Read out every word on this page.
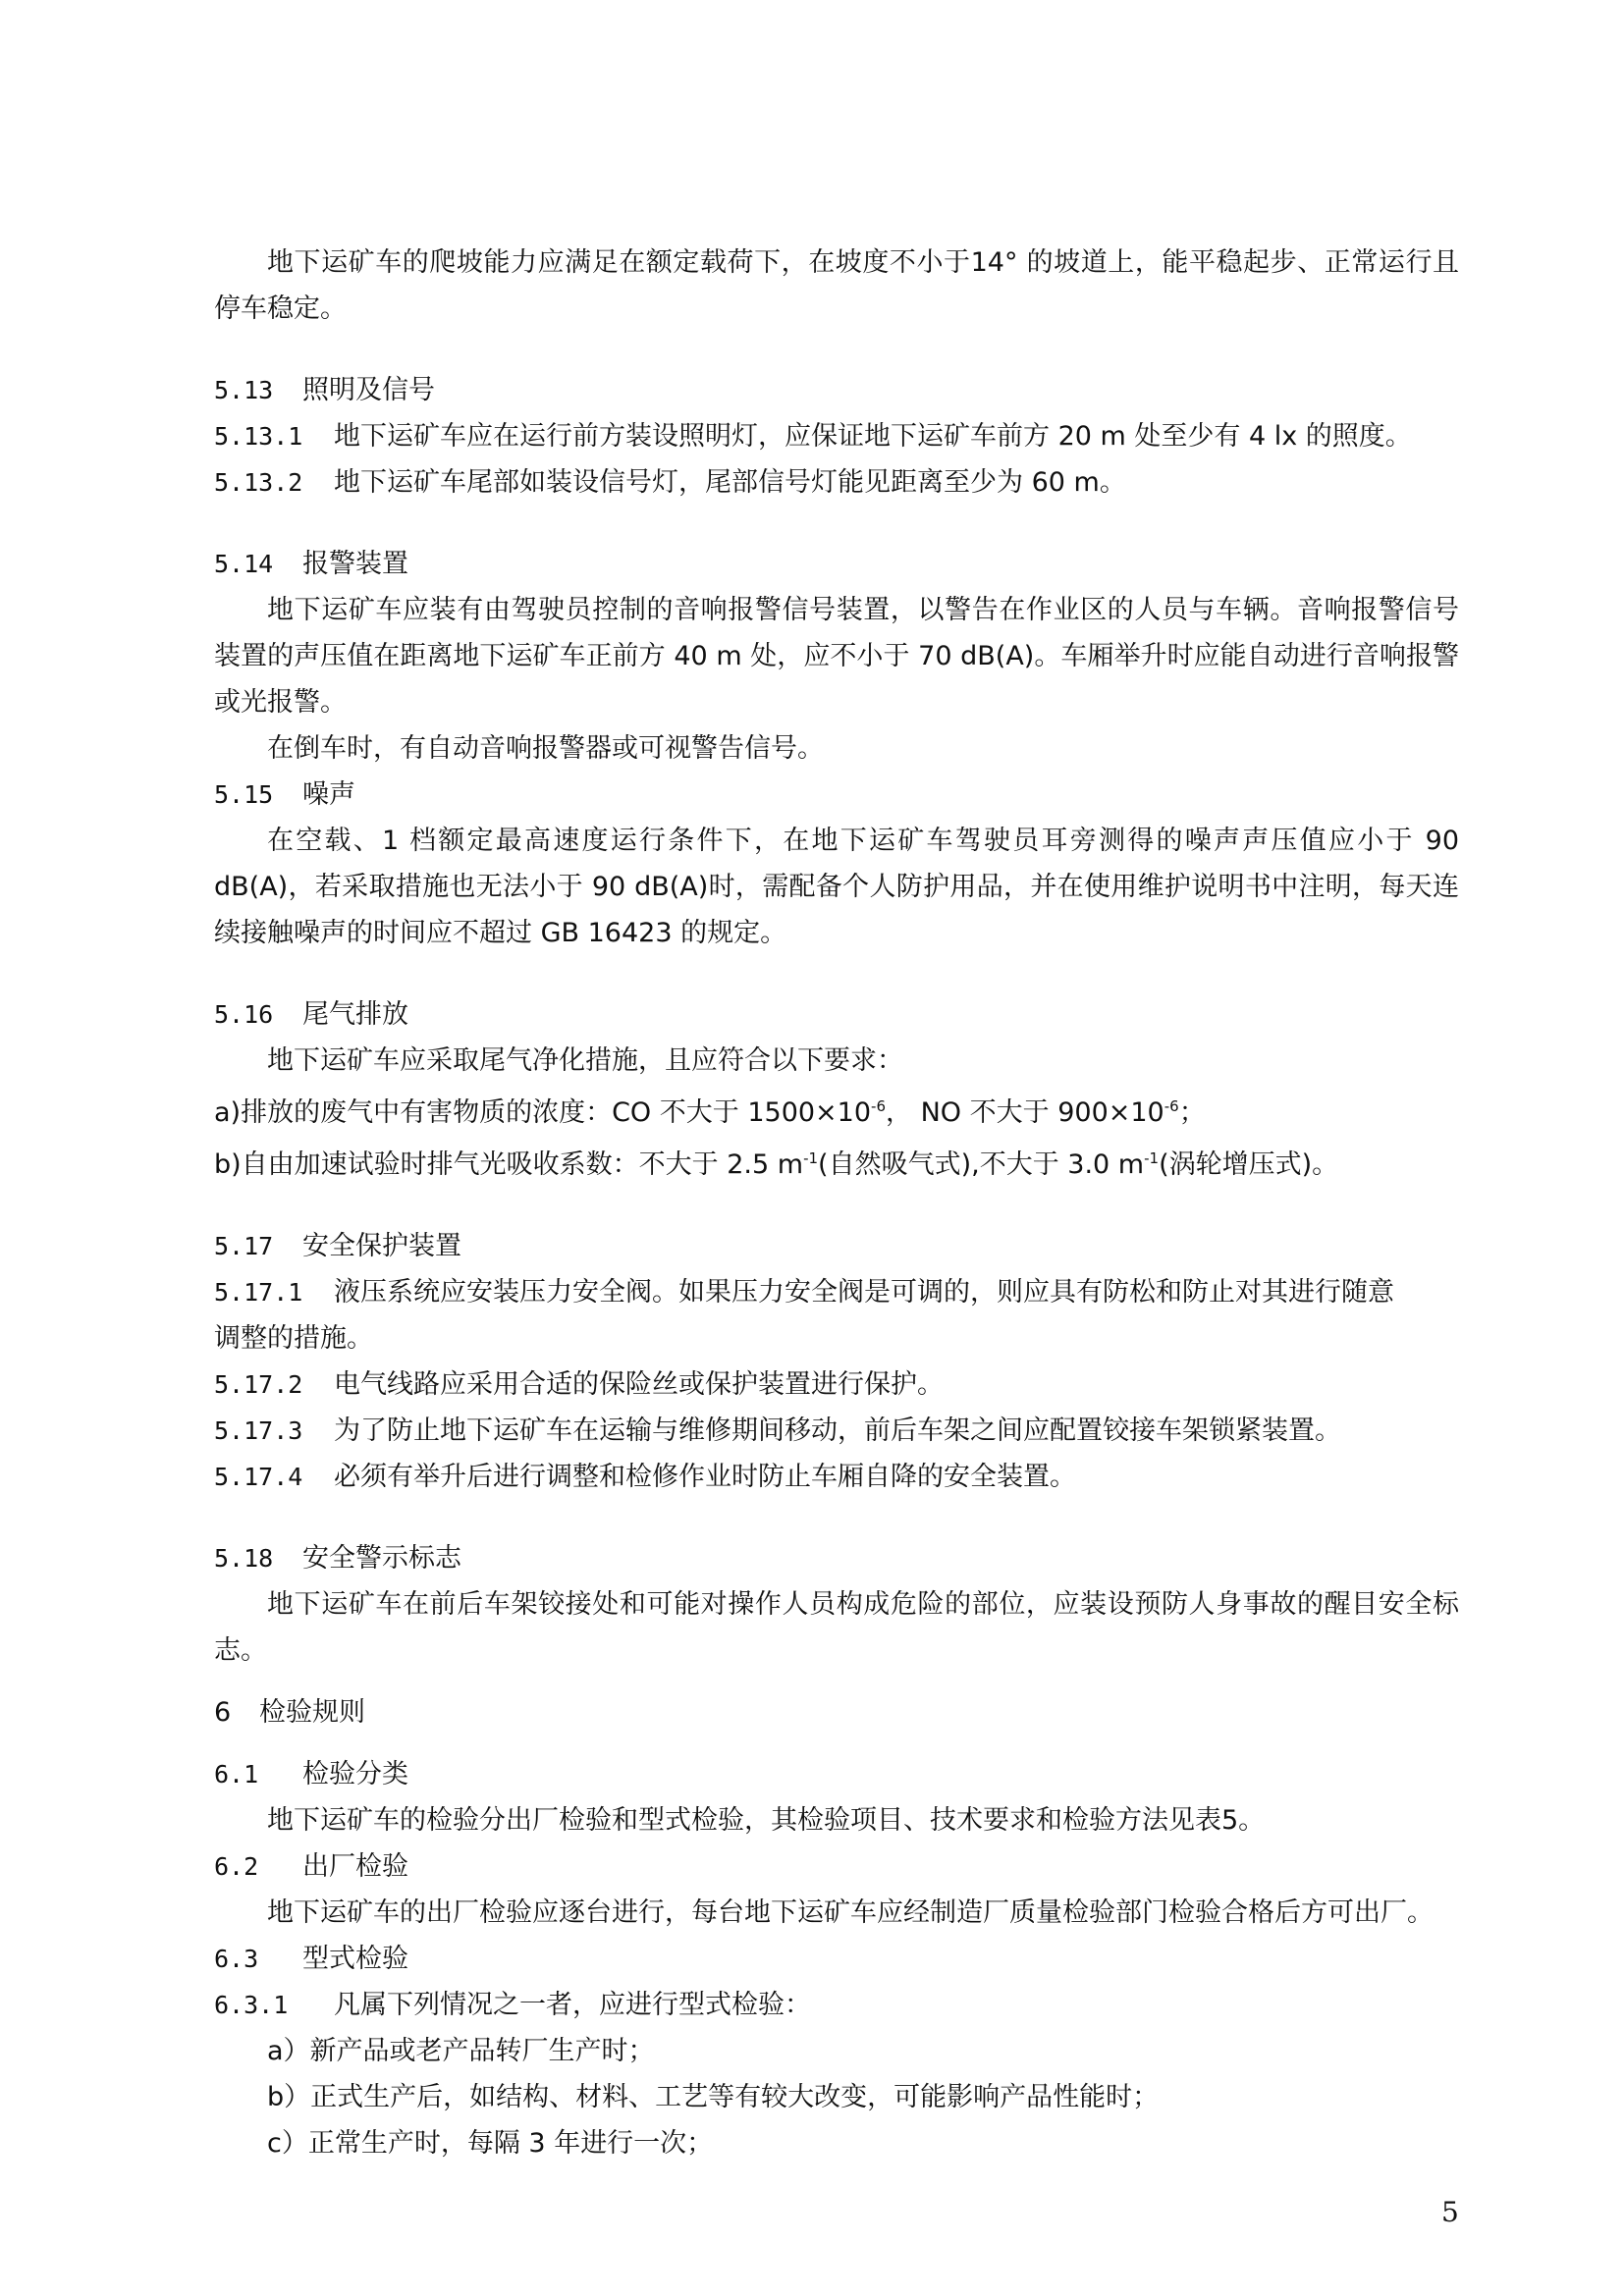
地下运矿车的爬坡能力应满足在额定载荷下，在坡度不小于14° 的坡道上，能平稳起步、正常运行且停车稳定。

5.13 照明及信号

5.13.1 地下运矿车应在运行前方装设照明灯，应保证地下运矿车前方 20 m 处至少有 4 lx 的照度。

5.13.2 地下运矿车尾部如装设信号灯，尾部信号灯能见距离至少为 60 m。

5.14 报警装置

地下运矿车应装有由驾驶员控制的音响报警信号装置，以警告在作业区的人员与车辆。音响报警信号装置的声压值在距离地下运矿车正前方 40 m 处，应不小于 70 dB(A)。车厢举升时应能自动进行音响报警或光报警。

在倒车时，有自动音响报警器或可视警告信号。

5.15 噪声

在空载、1 档额定最高速度运行条件下，在地下运矿车驾驶员耳旁测得的噪声声压值应小于 90 dB(A)，若采取措施也无法小于 90 dB(A)时，需配备个人防护用品，并在使用维护说明书中注明，每天连续接触噪声的时间应不超过 GB 16423 的规定。

5.16 尾气排放

地下运矿车应采取尾气净化措施，且应符合以下要求：

a)排放的废气中有害物质的浓度：CO 不大于 $1500\times 10^{-6}$， NO 不大于 $900\times 10^{-6}$；

b)自由加速试验时排气光吸收系数：不大于 2.5 $m^{-1}$(自然吸气式),不大于 3.0 $m^{-1}$(涡轮增压式)。

5.17 安全保护装置

5.17.1 液压系统应安装压力安全阀。如果压力安全阀是可调的，则应具有防松和防止对其进行随意

调整的措施。

5.17.2 电气线路应采用合适的保险丝或保护装置进行保护。

5.17.3 为了防止地下运矿车在运输与维修期间移动，前后车架之间应配置铰接车架锁紧装置。

5.17.4 必须有举升后进行调整和检修作业时防止车厢自降的安全装置。

5.18 安全警示标志

地下运矿车在前后车架铰接处和可能对操作人员构成危险的部位，应装设预防人身事故的醒目安全标志。

6 检验规则

6.1 检验分类

地下运矿车的检验分出厂检验和型式检验，其检验项目、技术要求和检验方法见表5。

6.2 出厂检验

地下运矿车的出厂检验应逐台进行，每台地下运矿车应经制造厂质量检验部门检验合格后方可出厂。

6.3 型式检验

6.3.1 凡属下列情况之一者，应进行型式检验：

a）新产品或老产品转厂生产时；

b）正式生产后，如结构、材料、工艺等有较大改变，可能影响产品性能时；

c）正常生产时，每隔 3 年进行一次；

5
